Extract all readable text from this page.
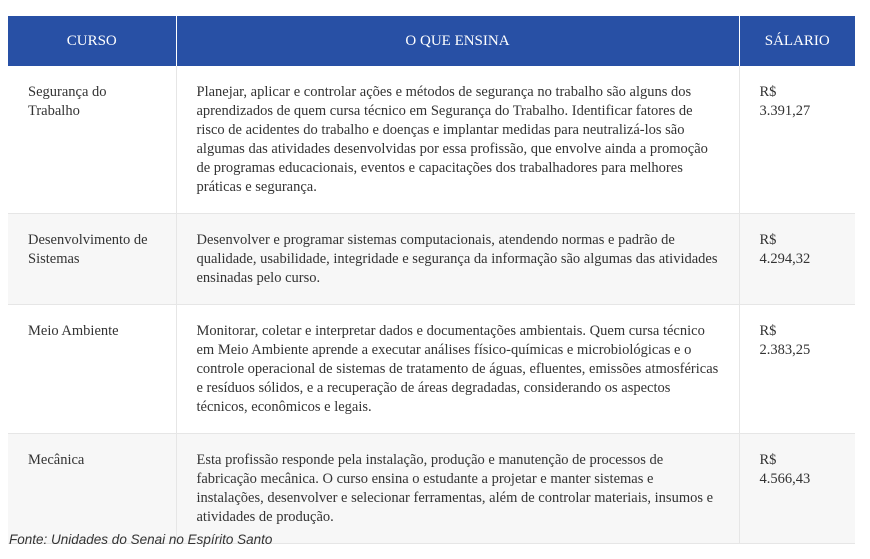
CURSO	O QUE ENSINA	SÁLARIO
Segurança do Trabalho	Planejar, aplicar e controlar ações e métodos de segurança no trabalho são alguns dos aprendizados de quem cursa técnico em Segurança do Trabalho. Identificar fatores de risco de acidentes do trabalho e doenças e implantar medidas para neutralizá-los são algumas das atividades desenvolvidas por essa profissão, que envolve ainda a promoção de programas educacionais, eventos e capacitações dos trabalhadores para melhores práticas e segurança.	R$ 3.391,27
Desenvolvimento de Sistemas	Desenvolver e programar sistemas computacionais, atendendo normas e padrão de qualidade, usabilidade, integridade e segurança da informação são algumas das atividades ensinadas pelo curso.	R$ 4.294,32
Meio Ambiente	Monitorar, coletar e interpretar dados e documentações ambientais. Quem cursa técnico em Meio Ambiente aprende a executar análises físico-químicas e microbiológicas e o controle operacional de sistemas de tratamento de águas, efluentes, emissões atmosféricas e resíduos sólidos, e a recuperação de áreas degradadas, considerando os aspectos técnicos, econômicos e legais.	R$ 2.383,25
Mecânica	Esta profissão responde pela instalação, produção e manutenção de processos de fabricação mecânica. O curso ensina o estudante a projetar e manter sistemas e instalações, desenvolver e selecionar ferramentas, além de controlar materiais, insumos e atividades de produção.	R$ 4.566,43
Fonte: Unidades do Senai no Espírito Santo
